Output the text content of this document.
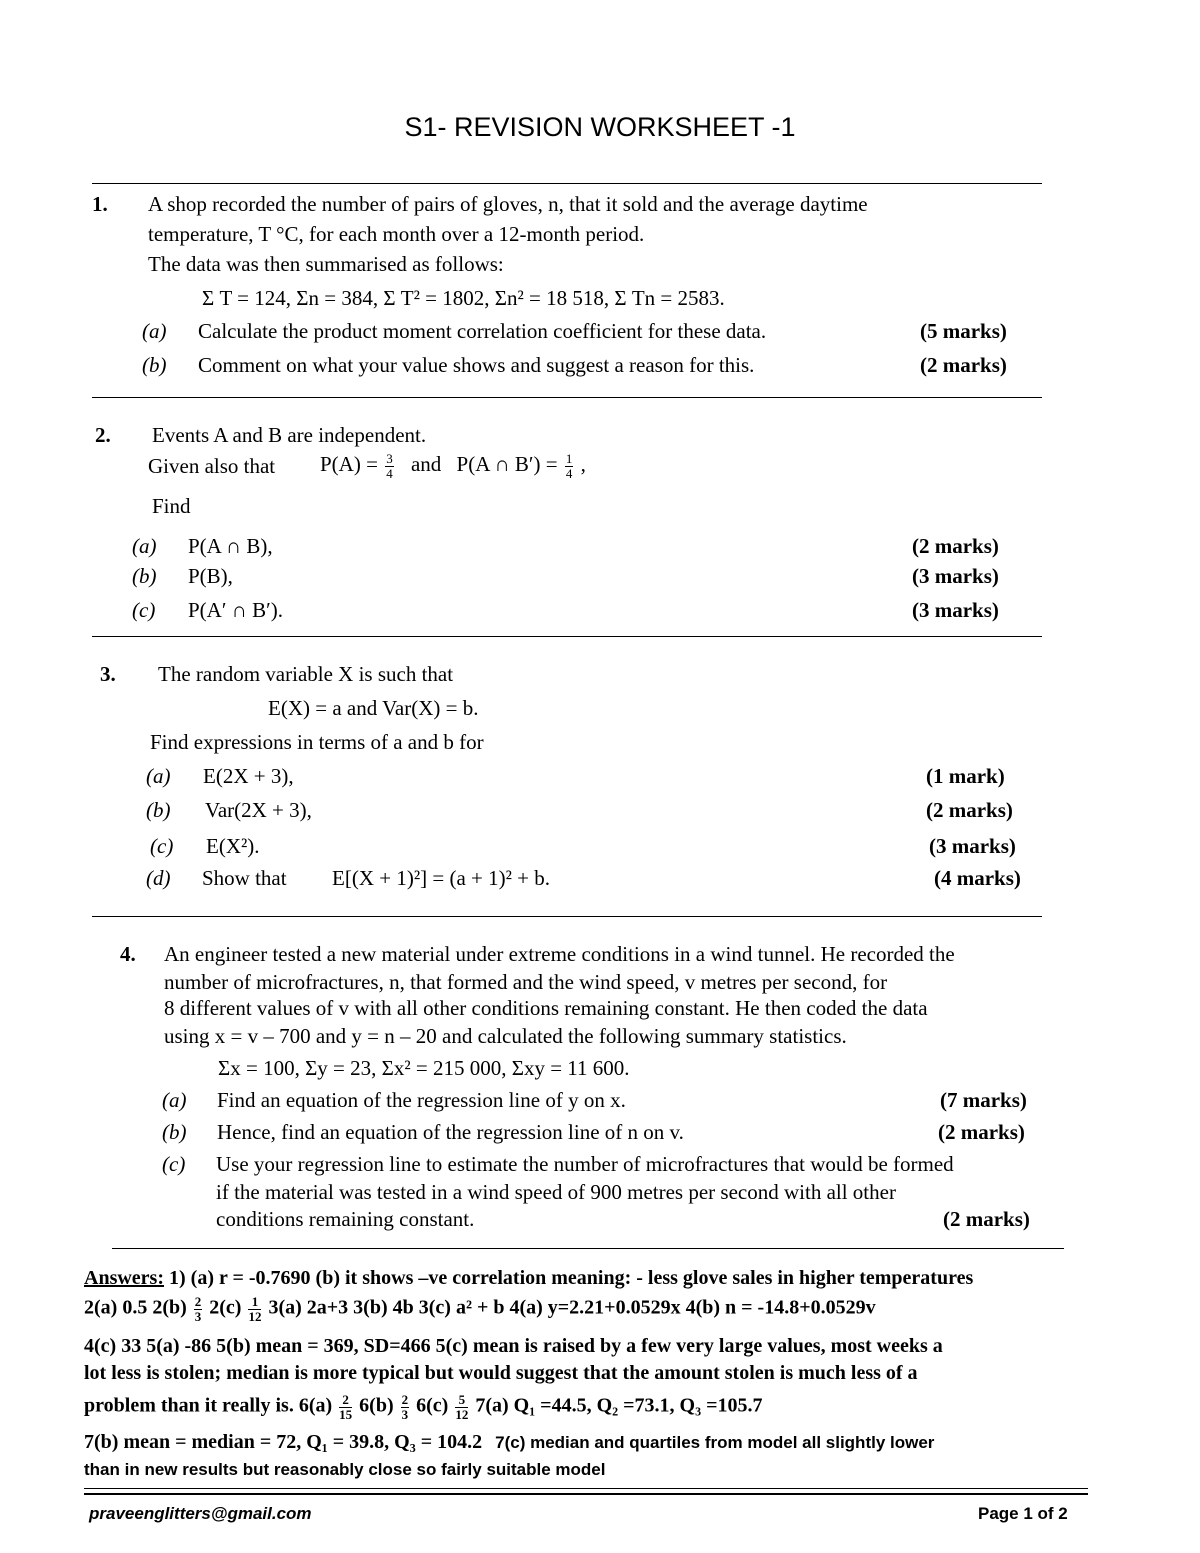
S1- REVISION WORKSHEET -1
1. A shop recorded the number of pairs of gloves, n, that it sold and the average daytime
temperature, T °C, for each month over a 12-month period.
The data was then summarised as follows:
Σ T = 124, Σn = 384, Σ T² = 1802, Σn² = 18 518, Σ Tn = 2583.
(a) Calculate the product moment correlation coefficient for these data.	(5 marks)
(b) Comment on what your value shows and suggest a reason for this.	(2 marks)
2. Events A and B are independent.
Given also that $P(A) = \frac{3}{4}$ and P(A ∩ $B') = \frac{1}{4}$ ,
Find
(a) P(A ∩ B),	(2 marks)
(b) P(B),	(3 marks)
(c) P(A′ ∩ B′).	(3 marks)
3. The random variable X is such that
E(X) = a and Var(X) = b.
Find expressions in terms of a and b for
(a) E(2X + 3),	(1 mark)
(b) Var(2X + 3),	(2 marks)
(c) E(X²).	(3 marks)
(d) Show that E[(X + 1)²] = (a + 1)² + b.	(4 marks)
4. An engineer tested a new material under extreme conditions in a wind tunnel. He recorded the
number of microfractures, n, that formed and the wind speed, v metres per second, for
8 different values of v with all other conditions remaining constant. He then coded the data
using x = v – 700 and y = n – 20 and calculated the following summary statistics.
Σx = 100, Σy = 23, Σx² = 215 000, Σxy = 11 600.
(a) Find an equation of the regression line of y on x.	(7 marks)
(b) Hence, find an equation of the regression line of n on v.	(2 marks)
(c) Use your regression line to estimate the number of microfractures that would be formed
if the material was tested in a wind speed of 900 metres per second with all other
conditions remaining constant.	(2 marks)
Answers: 1) (a) r = -0.7690 (b) it shows –ve correlation meaning: - less glove sales in higher temperatures
2(a) 0.5 $2(b) \frac{2}{3} 2(c) \frac{1}{12} 3(a)$ 2a+3 3(b) 4b 3(c) a² + b 4(a) y=2.21+0.0529x 4(b) n = -14.8+0.0529v
4(c) 33 5(a) -86 5(b) mean = 369, SD=466 5(c) mean is raised by a few very large values, most weeks a
lot less is stolen; median is more typical but would suggest that the amount stolen is much less of a
problem than it really is. $6(a) \frac{2}{15} 6(b) \frac{2}{3} 6(c) \frac{5}{12} 7(a)$ Q₁ =44.5, Q₂ =73.1, Q₃ =105.7
7(b) mean = median = 72, Q₁ = 39.8, Q₃ = 104.2 7(c) median and quartiles from model all slightly lower
than in new results but reasonably close so fairly suitable model
praveenglitters@gmail.com	Page 1 of 2
